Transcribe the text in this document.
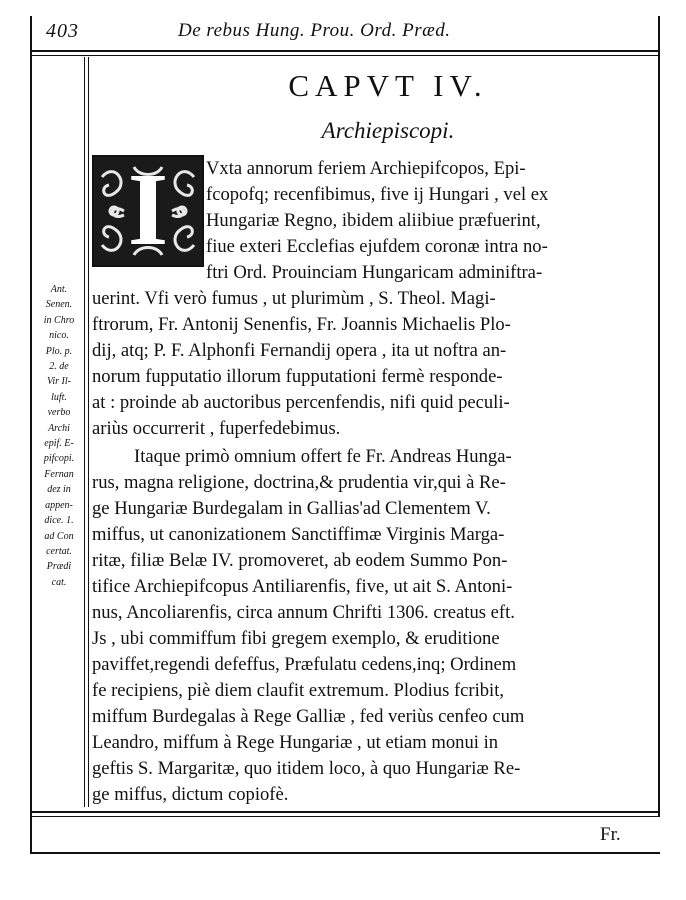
403	De rebus Hung. Prou. Ord. Præd.
CAPVT IV.
Archiepiscopi.
I	Vxta annorum feriem Archiepifcopos, Epi-
fcopofq; recenfibimus, five ij Hungari , vel ex
Hungariæ Regno, ibidem aliibiue præfuerint,
fiue exteri Ecclefias ejufdem coronæ intra no-
ftri Ord. Prouinciam Hungaricam adminiftra-
uerint. Vfi verò fumus , ut plurimùm , S. Theol. Magi-
ftrorum, Fr. Antonij Senenfis, Fr. Joannis Michaelis Plo-
dij, atq; P. F. Alphonfi Fernandij opera , ita ut noftra an-
norum fupputatio illorum fupputationi fermè responde-
at : proinde ab auctoribus percenfendis, nifi quid peculi-
ariùs occurrerit , fuperfedebimus.
Itaque primò omnium offert fe Fr. Andreas Hunga-
rus, magna religione, doctrina,& prudentia vir,qui à Re-
ge Hungariæ Burdegalam in Gallias'ad Clementem V.
miffus, ut canonizationem Sanctiffimæ Virginis Marga-
ritæ, filiæ Belæ IV. promoveret, ab eodem Summo Pon-
tifice Archiepifcopus Antiliarenfis, five, ut ait S. Antoni-
nus, Ancoliarenfis, circa annum Chrifti 1306. creatus eft.
Js , ubi commiffum fibi gregem exemplo, & eruditione
paviffet,regendi defeffus, Præfulatu cedens,inq; Ordinem
fe recipiens, piè diem claufit extremum. Plodius fcribit,
miffum Burdegalas à Rege Galliæ , fed veriùs cenfeo cum
Leandro, miffum à Rege Hungariæ , ut etiam monui in
geftis S. Margaritæ, quo itidem loco, à quo Hungariæ Re-
ge miffus, dictum copiofè.
Ant.
Senen.
in Chro
nico.
Plo. p.
2. de
Vir Il-
luft.
verbo
Archi
epif. E-
pifcopi.
Fernan
dez in
appen-
dice. 1.
ad Con
certat.
Prædi
cat.
Fr.
